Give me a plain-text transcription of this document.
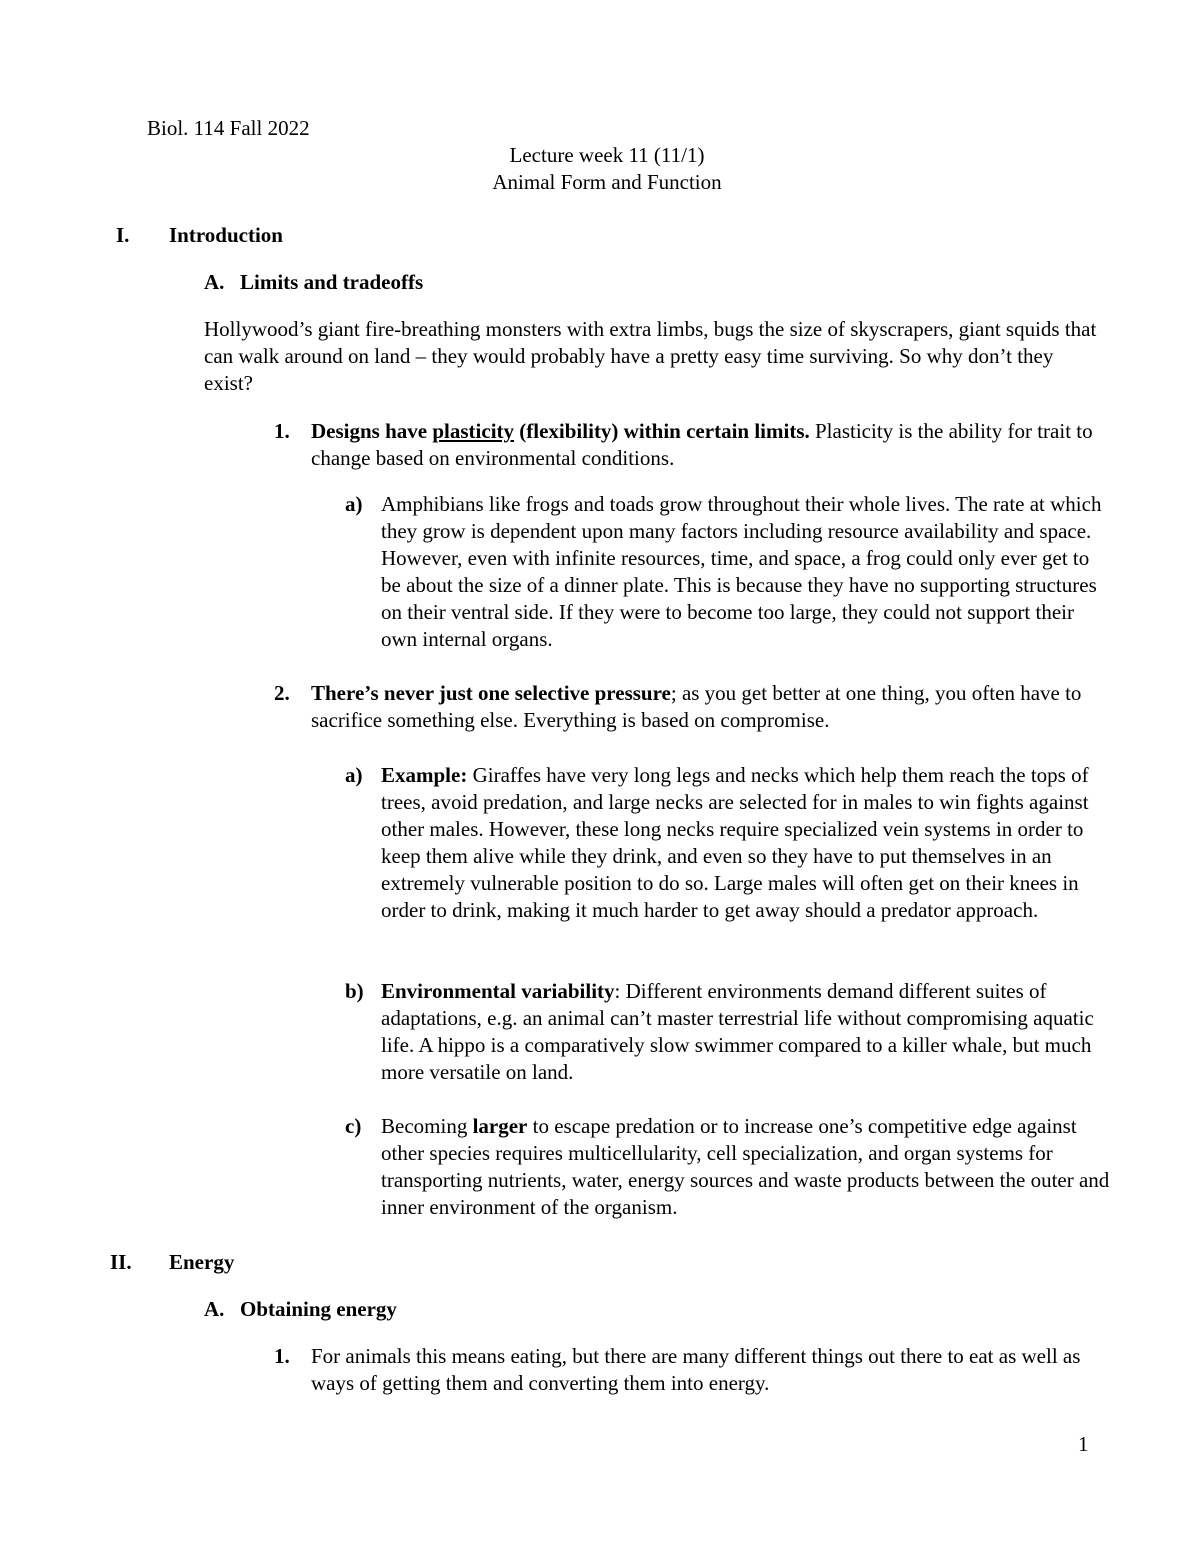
Biol. 114 Fall 2022
Lecture week 11 (11/1)
Animal Form and Function
I. Introduction
A. Limits and tradeoffs
Hollywood’s giant fire-breathing monsters with extra limbs, bugs the size of skyscrapers, giant squids that can walk around on land – they would probably have a pretty easy time surviving. So why don’t they exist?
1. Designs have plasticity (flexibility) within certain limits. Plasticity is the ability for trait to change based on environmental conditions.
a) Amphibians like frogs and toads grow throughout their whole lives. The rate at which they grow is dependent upon many factors including resource availability and space. However, even with infinite resources, time, and space, a frog could only ever get to be about the size of a dinner plate. This is because they have no supporting structures on their ventral side. If they were to become too large, they could not support their own internal organs.
2. There’s never just one selective pressure; as you get better at one thing, you often have to sacrifice something else. Everything is based on compromise.
a) Example: Giraffes have very long legs and necks which help them reach the tops of trees, avoid predation, and large necks are selected for in males to win fights against other males. However, these long necks require specialized vein systems in order to keep them alive while they drink, and even so they have to put themselves in an extremely vulnerable position to do so. Large males will often get on their knees in order to drink, making it much harder to get away should a predator approach.
b) Environmental variability: Different environments demand different suites of adaptations, e.g. an animal can’t master terrestrial life without compromising aquatic life. A hippo is a comparatively slow swimmer compared to a killer whale, but much more versatile on land.
c) Becoming larger to escape predation or to increase one’s competitive edge against other species requires multicellularity, cell specialization, and organ systems for transporting nutrients, water, energy sources and waste products between the outer and inner environment of the organism.
II. Energy
A. Obtaining energy
1. For animals this means eating, but there are many different things out there to eat as well as ways of getting them and converting them into energy.
1
